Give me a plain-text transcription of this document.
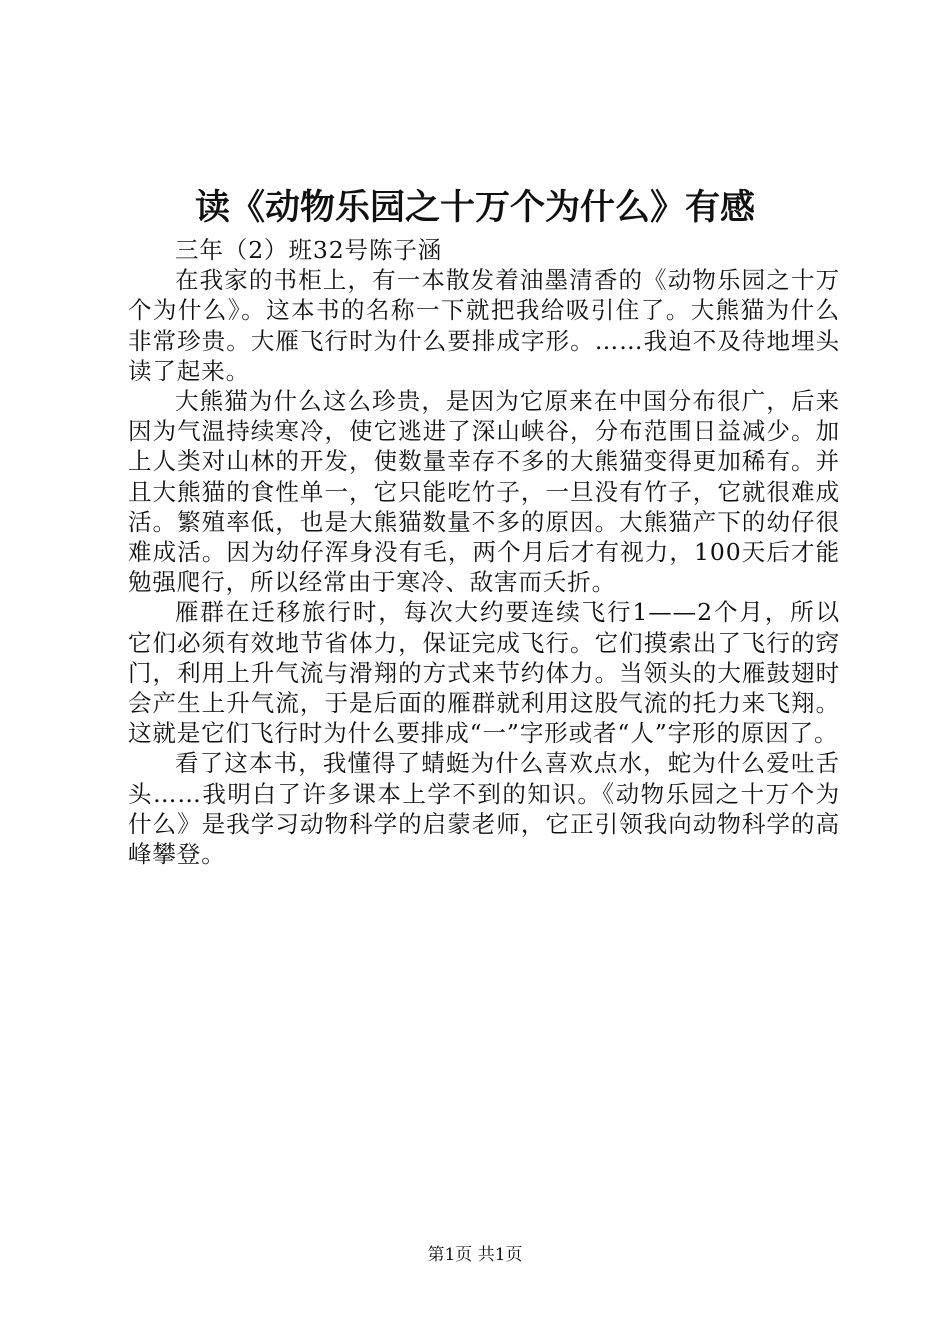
读《动物乐园之十万个为什么》有感

三年（2）班32号陈子涵

在我家的书柜上，有一本散发着油墨清香的《动物乐园之十万个为什么》。这本书的名称一下就把我给吸引住了。大熊猫为什么非常珍贵。大雁飞行时为什么要排成字形。……我迫不及待地埋头读了起来。

大熊猫为什么这么珍贵，是因为它原来在中国分布很广，后来因为气温持续寒冷，使它逃进了深山峡谷，分布范围日益减少。加上人类对山林的开发，使数量幸存不多的大熊猫变得更加稀有。并且大熊猫的食性单一，它只能吃竹子，一旦没有竹子，它就很难成活。繁殖率低，也是大熊猫数量不多的原因。大熊猫产下的幼仔很难成活。因为幼仔浑身没有毛，两个月后才有视力，100天后才能勉强爬行，所以经常由于寒冷、敌害而夭折。

雁群在迁移旅行时，每次大约要连续飞行1——2个月，所以它们必须有效地节省体力，保证完成飞行。它们摸索出了飞行的窍门，利用上升气流与滑翔的方式来节约体力。当领头的大雁鼓翅时会产生上升气流，于是后面的雁群就利用这股气流的托力来飞翔。这就是它们飞行时为什么要排成“一”字形或者“人”字形的原因了。

看了这本书，我懂得了蜻蜓为什么喜欢点水，蛇为什么爱吐舌头……我明白了许多课本上学不到的知识。《动物乐园之十万个为什么》是我学习动物科学的启蒙老师，它正引领我向动物科学的高峰攀登。

第1页 共1页
